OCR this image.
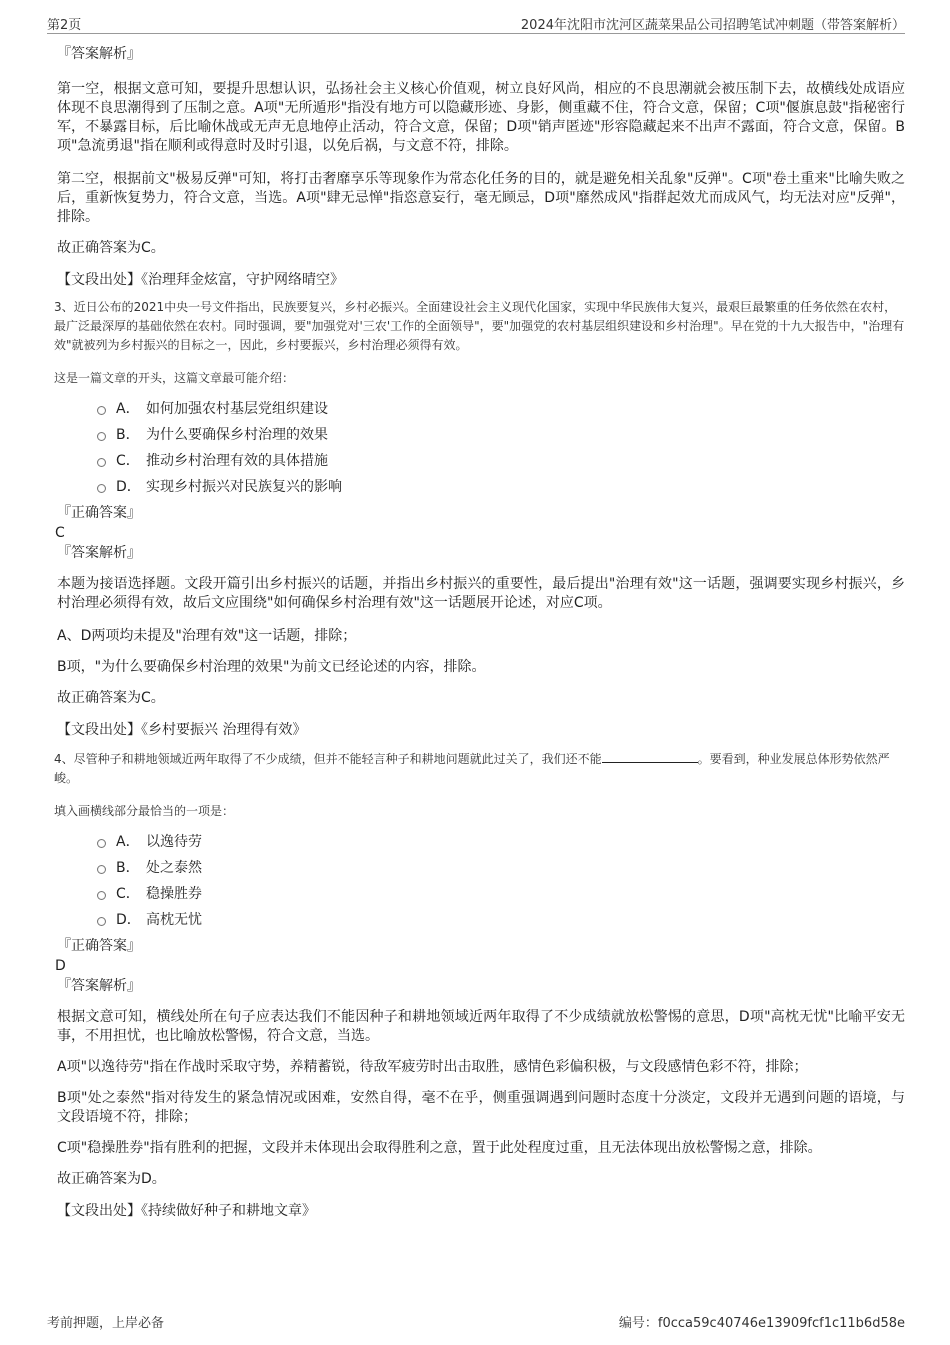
第2页	2024年沈阳市沈河区蔬菜果品公司招聘笔试冲刺题（带答案解析）

『答案解析』

第一空，根据文意可知，要提升思想认识，弘扬社会主义核心价值观，树立良好风尚，相应的不良思潮就会被压制下去，故横线处成语应体现不良思潮得到了压制之意。A项"无所遁形"指没有地方可以隐藏形迹、身影，侧重藏不住，符合文意，保留；C项"偃旗息鼓"指秘密行军，不暴露目标，后比喻休战或无声无息地停止活动，符合文意，保留；D项"销声匿迹"形容隐藏起来不出声不露面，符合文意，保留。B项"急流勇退"指在顺利或得意时及时引退，以免后祸，与文意不符，排除。

第二空，根据前文"极易反弹"可知，将打击奢靡享乐等现象作为常态化任务的目的，就是避免相关乱象"反弹"。C项"卷土重来"比喻失败之后，重新恢复势力，符合文意，当选。A项"肆无忌惮"指恣意妄行，毫无顾忌，D项"靡然成风"指群起效尤而成风气，均无法对应"反弹"，排除。

故正确答案为C。

【文段出处】《治理拜金炫富，守护网络晴空》

3、近日公布的2021中央一号文件指出，民族要复兴，乡村必振兴。全面建设社会主义现代化国家，实现中华民族伟大复兴，最艰巨最繁重的任务依然在农村，最广泛最深厚的基础依然在农村。同时强调，要"加强党对'三农'工作的全面领导"，要"加强党的农村基层组织建设和乡村治理"。早在党的十九大报告中，"治理有效"就被列为乡村振兴的目标之一，因此，乡村要振兴，乡村治理必须得有效。

这是一篇文章的开头，这篇文章最可能介绍：

A． 如何加强农村基层党组织建设
B． 为什么要确保乡村治理的效果
C． 推动乡村治理有效的具体措施
D． 实现乡村振兴对民族复兴的影响

『正确答案』

C

『答案解析』

本题为接语选择题。文段开篇引出乡村振兴的话题，并指出乡村振兴的重要性，最后提出"治理有效"这一话题，强调要实现乡村振兴，乡村治理必须得有效，故后文应围绕"如何确保乡村治理有效"这一话题展开论述，对应C项。

A、D两项均未提及"治理有效"这一话题，排除；

B项，"为什么要确保乡村治理的效果"为前文已经论述的内容，排除。

故正确答案为C。

【文段出处】《乡村要振兴 治理得有效》

4、尽管种子和耕地领域近两年取得了不少成绩，但并不能轻言种子和耕地问题就此过关了，我们还不能	。要看到，种业发展总体形势依然严峻。

填入画横线部分最恰当的一项是：

A． 以逸待劳
B． 处之泰然
C． 稳操胜券
D． 高枕无忧

『正确答案』

D

『答案解析』

根据文意可知，横线处所在句子应表达我们不能因种子和耕地领域近两年取得了不少成绩就放松警惕的意思，D项"高枕无忧"比喻平安无事，不用担忧，也比喻放松警惕，符合文意，当选。

A项"以逸待劳"指在作战时采取守势，养精蓄锐，待敌军疲劳时出击取胜，感情色彩偏积极，与文段感情色彩不符，排除；

B项"处之泰然"指对待发生的紧急情况或困难，安然自得，毫不在乎，侧重强调遇到问题时态度十分淡定，文段并无遇到问题的语境，与文段语境不符，排除；

C项"稳操胜券"指有胜利的把握，文段并未体现出会取得胜利之意，置于此处程度过重，且无法体现出放松警惕之意，排除。

故正确答案为D。

【文段出处】《持续做好种子和耕地文章》

考前押题，上岸必备	编号：f0cca59c40746e13909fcf1c11b6d58e
